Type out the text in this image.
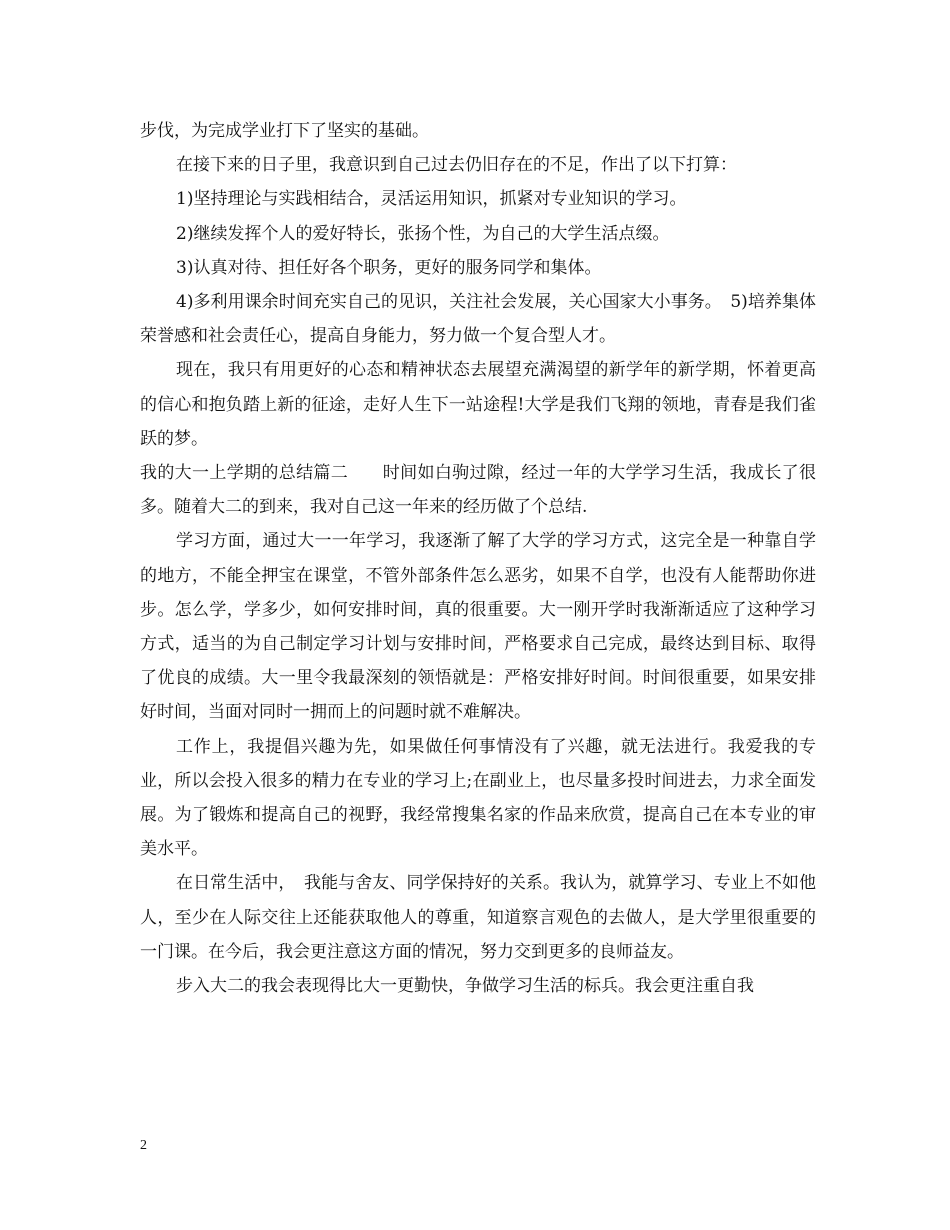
步伐，为完成学业打下了坚实的基础。

在接下来的日子里，我意识到自己过去仍旧存在的不足，作出了以下打算：

1)坚持理论与实践相结合，灵活运用知识，抓紧对专业知识的学习。

2)继续发挥个人的爱好特长，张扬个性，为自己的大学生活点缀。

3)认真对待、担任好各个职务，更好的服务同学和集体。

4)多利用课余时间充实自己的见识，关注社会发展，关心国家大小事务。　5)培养集体荣誉感和社会责任心，提高自身能力，努力做一个复合型人才。

现在，我只有用更好的心态和精神状态去展望充满渴望的新学年的新学期，怀着更高的信心和抱负踏上新的征途，走好人生下一站途程!大学是我们飞翔的领地，青春是我们雀跃的梦。

我的大一上学期的总结篇二　　时间如白驹过隙，经过一年的大学学习生活，我成长了很多。随着大二的到来，我对自己这一年来的经历做了个总结.

学习方面，通过大一一年学习，我逐渐了解了大学的学习方式，这完全是一种靠自学的地方，不能全押宝在课堂，不管外部条件怎么恶劣，如果不自学，也没有人能帮助你进步。怎么学，学多少，如何安排时间，真的很重要。大一刚开学时我渐渐适应了这种学习方式，适当的为自己制定学习计划与安排时间，严格要求自己完成，最终达到目标、取得了优良的成绩。大一里令我最深刻的领悟就是：严格安排好时间。时间很重要，如果安排好时间，当面对同时一拥而上的问题时就不难解决。

工作上，我提倡兴趣为先，如果做任何事情没有了兴趣，就无法进行。我爱我的专业，所以会投入很多的精力在专业的学习上;在副业上，也尽量多投时间进去，力求全面发展。为了锻炼和提高自己的视野，我经常搜集名家的作品来欣赏，提高自己在本专业的审美水平。

在日常生活中，　我能与舍友、同学保持好的关系。我认为，就算学习、专业上不如他人，至少在人际交往上还能获取他人的尊重，知道察言观色的去做人，是大学里很重要的一门课。在今后，我会更注意这方面的情况，努力交到更多的良师益友。

步入大二的我会表现得比大一更勤快，争做学习生活的标兵。我会更注重自我

2
